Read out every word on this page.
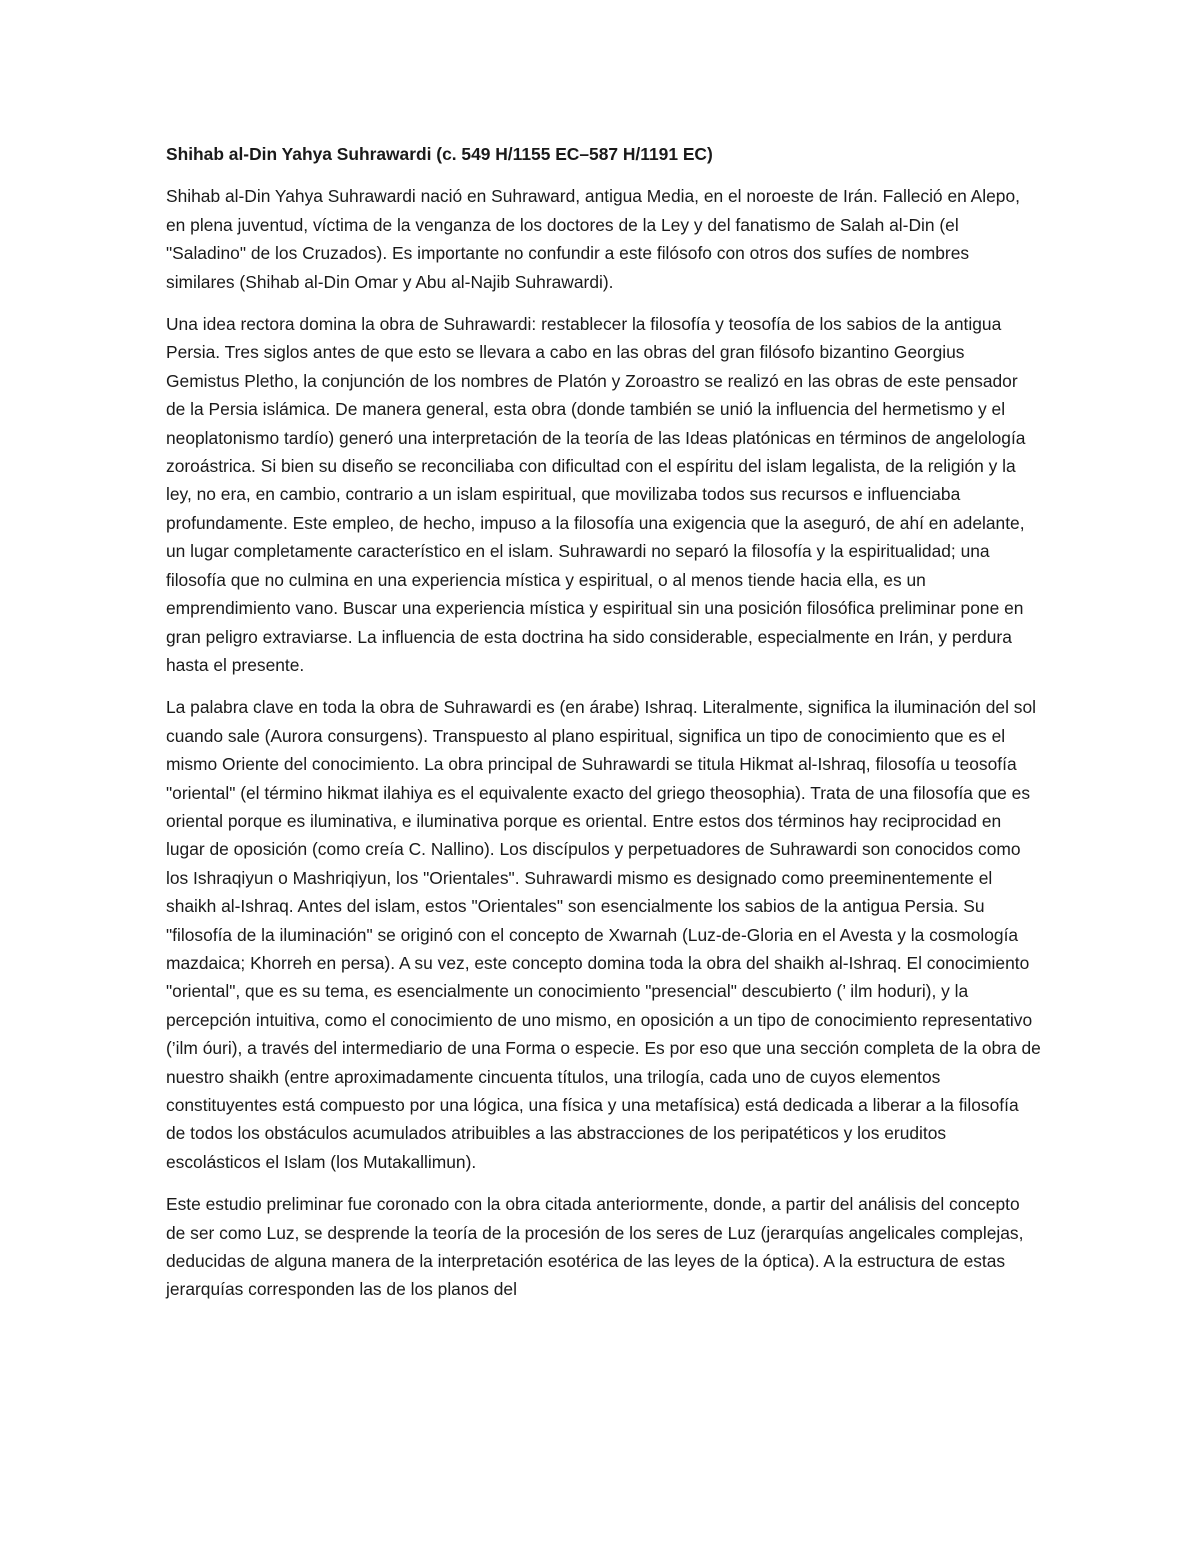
Shihab al-Din Yahya Suhrawardi (c. 549 H/1155 EC–587 H/1191 EC)

Shihab al-Din Yahya Suhrawardi nació en Suhraward, antigua Media, en el noroeste de Irán. Falleció en Alepo, en plena juventud, víctima de la venganza de los doctores de la Ley y del fanatismo de Salah al-Din (el "Saladino" de los Cruzados). Es importante no confundir a este filósofo con otros dos sufíes de nombres similares (Shihab al-Din Omar y Abu al-Najib Suhrawardi).

Una idea rectora domina la obra de Suhrawardi: restablecer la filosofía y teosofía de los sabios de la antigua Persia. Tres siglos antes de que esto se llevara a cabo en las obras del gran filósofo bizantino Georgius Gemistus Pletho, la conjunción de los nombres de Platón y Zoroastro se realizó en las obras de este pensador de la Persia islámica. De manera general, esta obra (donde también se unió la influencia del hermetismo y el neoplatonismo tardío) generó una interpretación de la teoría de las Ideas platónicas en términos de angelología zoroástrica. Si bien su diseño se reconciliaba con dificultad con el espíritu del islam legalista, de la religión y la ley, no era, en cambio, contrario a un islam espiritual, que movilizaba todos sus recursos e influenciaba profundamente. Este empleo, de hecho, impuso a la filosofía una exigencia que la aseguró, de ahí en adelante, un lugar completamente característico en el islam. Suhrawardi no separó la filosofía y la espiritualidad; una filosofía que no culmina en una experiencia mística y espiritual, o al menos tiende hacia ella, es un emprendimiento vano. Buscar una experiencia mística y espiritual sin una posición filosófica preliminar pone en gran peligro extraviarse. La influencia de esta doctrina ha sido considerable, especialmente en Irán, y perdura hasta el presente.

La palabra clave en toda la obra de Suhrawardi es (en árabe) Ishraq. Literalmente, significa la iluminación del sol cuando sale (Aurora consurgens). Transpuesto al plano espiritual, significa un tipo de conocimiento que es el mismo Oriente del conocimiento. La obra principal de Suhrawardi se titula Hikmat al-Ishraq, filosofía u teosofía "oriental" (el término hikmat ilahiya es el equivalente exacto del griego theosophia). Trata de una filosofía que es oriental porque es iluminativa, e iluminativa porque es oriental. Entre estos dos términos hay reciprocidad en lugar de oposición (como creía C. Nallino). Los discípulos y perpetuadores de Suhrawardi son conocidos como los Ishraqiyun o Mashriqiyun, los "Orientales". Suhrawardi mismo es designado como preeminentemente el shaikh al-Ishraq. Antes del islam, estos "Orientales" son esencialmente los sabios de la antigua Persia. Su "filosofía de la iluminación" se originó con el concepto de Xwarnah (Luz-de-Gloria en el Avesta y la cosmología mazdaica; Khorreh en persa). A su vez, este concepto domina toda la obra del shaikh al-Ishraq. El conocimiento "oriental", que es su tema, es esencialmente un conocimiento "presencial" descubierto (’ ilm hoduri), y la percepción intuitiva, como el conocimiento de uno mismo, en oposición a un tipo de conocimiento representativo (’ilm óuri), a través del intermediario de una Forma o especie. Es por eso que una sección completa de la obra de nuestro shaikh (entre aproximadamente cincuenta títulos, una trilogía, cada uno de cuyos elementos constituyentes está compuesto por una lógica, una física y una metafísica) está dedicada a liberar a la filosofía de todos los obstáculos acumulados atribuibles a las abstracciones de los peripatéticos y los eruditos escolásticos el Islam (los Mutakallimun).

Este estudio preliminar fue coronado con la obra citada anteriormente, donde, a partir del análisis del concepto de ser como Luz, se desprende la teoría de la procesión de los seres de Luz (jerarquías angelicales complejas, deducidas de alguna manera de la interpretación esotérica de las leyes de la óptica). A la estructura de estas jerarquías corresponden las de los planos del
